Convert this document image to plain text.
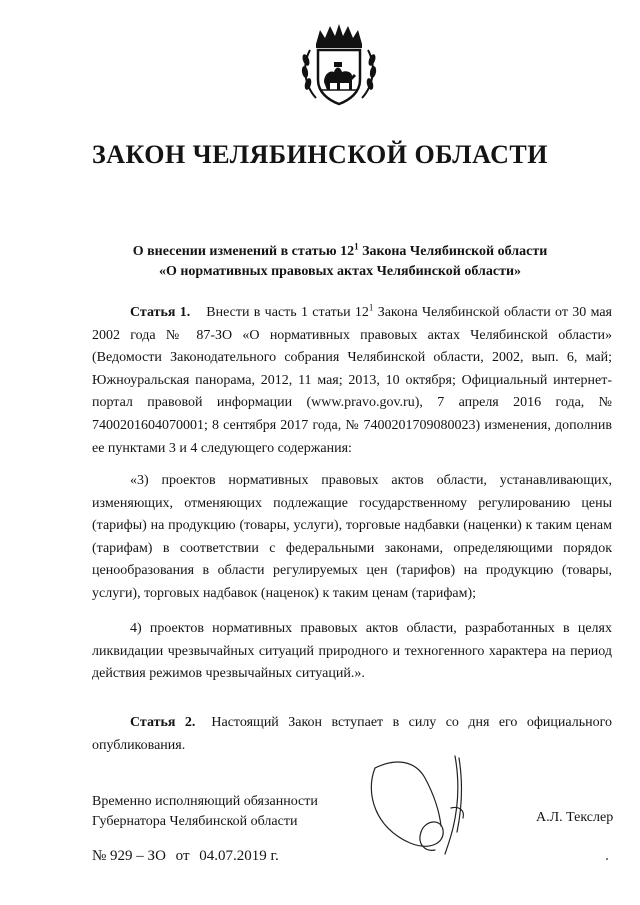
ЗАКОН ЧЕЛЯБИНСКОЙ ОБЛАСТИ
О внесении изменений в статью $12^1$ Закона Челябинской области
«О нормативных правовых актах Челябинской области»
Статья 1. Внести в часть 1 статьи $12^1$ Закона Челябинской области от 30 мая 2002 года № 87-ЗО «О нормативных правовых актах Челябинской области» (Ведомости Законодательного собрания Челябинской области, 2002, вып. 6, май; Южноуральская панорама, 2012, 11 мая; 2013, 10 октября; Официальный интернет-портал правовой информации (www.pravo.gov.ru), 7 апреля 2016 года, № 7400201604070001; 8 сентября 2017 года, № 7400201709080023) изменения, дополнив ее пунктами 3 и 4 следующего содержания:
«3) проектов нормативных правовых актов области, устанавливающих, изменяющих, отменяющих подлежащие государственному регулированию цены (тарифы) на продукцию (товары, услуги), торговые надбавки (наценки) к таким ценам (тарифам) в соответствии с федеральными законами, определяющими порядок ценообразования в области регулируемых цен (тарифов) на продукцию (товары, услуги), торговых надбавок (наценок) к таким ценам (тарифам);
4) проектов нормативных правовых актов области, разработанных в целях ликвидации чрезвычайных ситуаций природного и техногенного характера на период действия режимов чрезвычайных ситуаций.».
Статья 2. Настоящий Закон вступает в силу со дня его официального опубликования.
Временно исполняющий обязанности
Губернатора Челябинской области	А.Л. Текслер
№ 929 – ЗО от 04.07.2019 г.
